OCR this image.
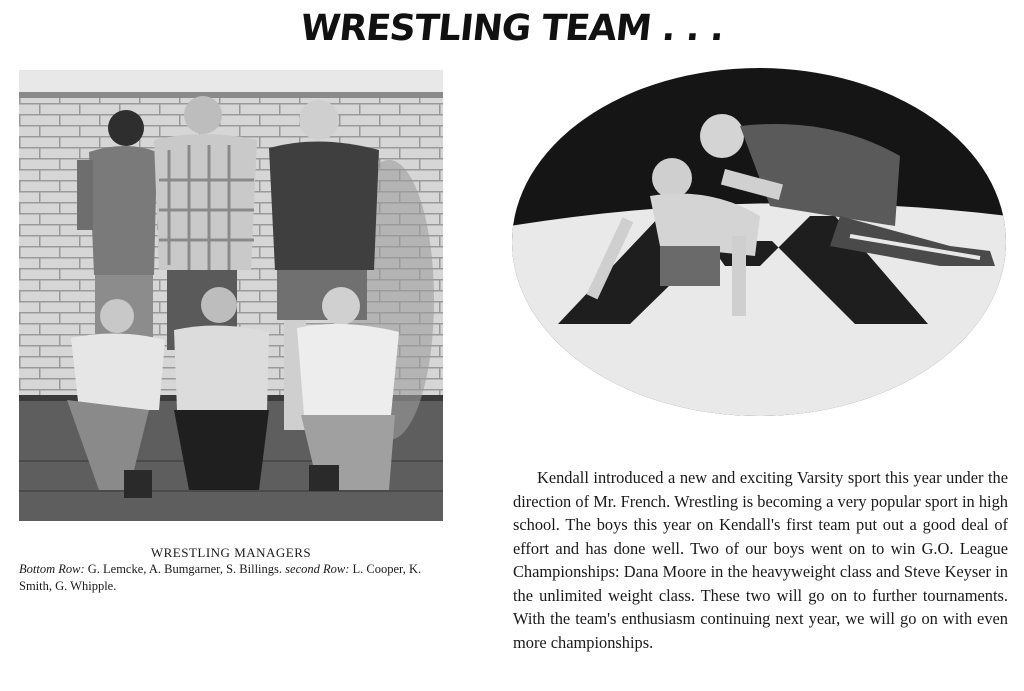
WRESTLING TEAM . . .
WRESTLING MANAGERS
Bottom Row: G. Lemcke, A. Bumgarner, S. Billings. second Row: L. Cooper, K. Smith, G. Whipple.

Kendall introduced a new and exciting Varsity sport this year under the direction of Mr. French. Wrestling is becoming a very popular sport in high school. The boys this year on Kendall's first team put out a good deal of effort and has done well. Two of our boys went on to win G.O. League Championships: Dana Moore in the heavyweight class and Steve Keyser in the unlimited weight class. These two will go on to further tournaments. With the team's enthusiasm continuing next year, we will go on with even more championships.
